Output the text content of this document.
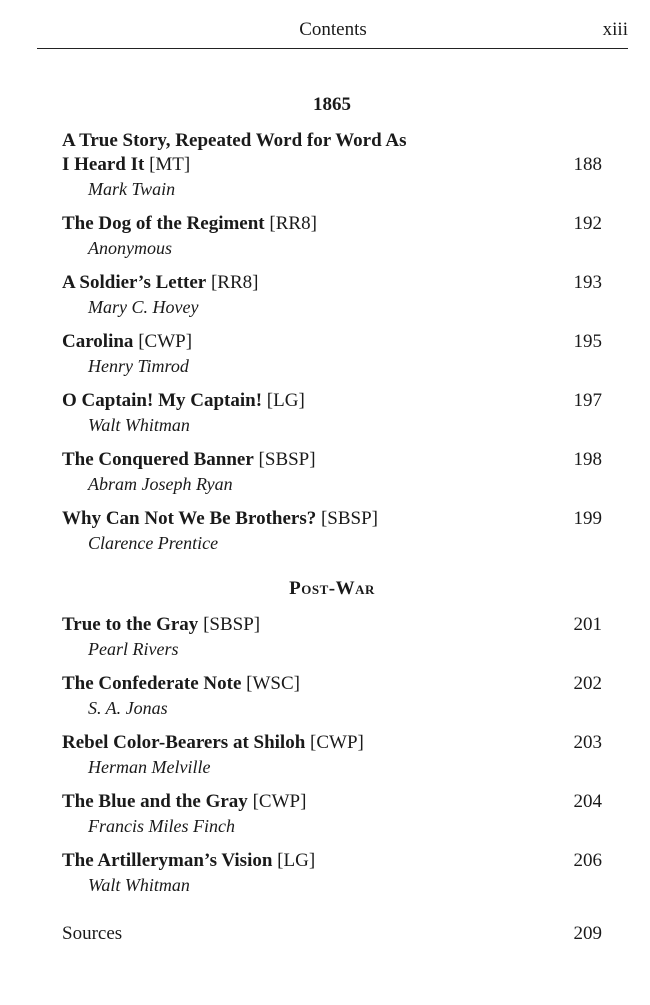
Contents	xiii
1865
A True Story, Repeated Word for Word As
I Heard It [MT]
Mark Twain
188
The Dog of the Regiment [RR8]
Anonymous
192
A Soldier’s Letter [RR8]
Mary C. Hovey
193
Carolina [CWP]
Henry Timrod
195
O Captain! My Captain! [LG]
Walt Whitman
197
The Conquered Banner [SBSP]
Abram Joseph Ryan
198
Why Can Not We Be Brothers? [SBSP]
Clarence Prentice
199
Post-War
True to the Gray [SBSP]
Pearl Rivers
201
The Confederate Note [WSC]
S. A. Jonas
202
Rebel Color-Bearers at Shiloh [CWP]
Herman Melville
203
The Blue and the Gray [CWP]
Francis Miles Finch
204
The Artilleryman’s Vision [LG]
Walt Whitman
206
Sources	209
